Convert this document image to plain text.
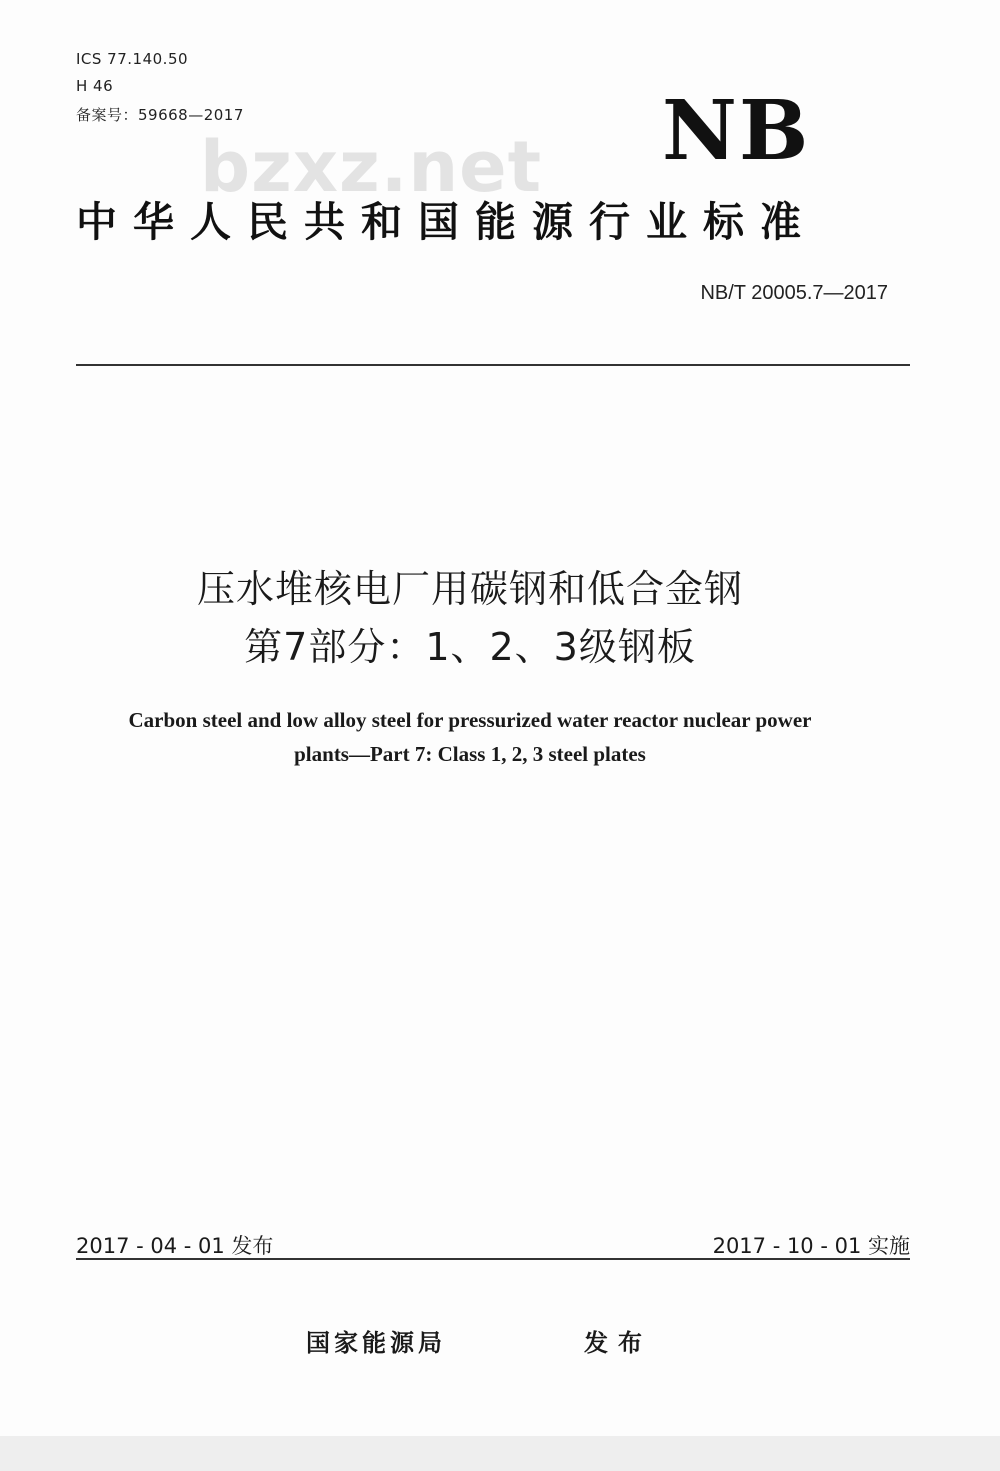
ICS 77.140.50
H 46
备案号：59668—2017
bzxz.net NB
中华人民共和国能源行业标准
NB/T 20005.7—2017
压水堆核电厂用碳钢和低合金钢
第7部分：1、2、3级钢板
Carbon steel and low alloy steel for pressurized water reactor nuclear power
plants—Part 7: Class 1, 2, 3 steel plates
2017 - 04 - 01 发布	2017 - 10 - 01 实施
国家能源局	发布
